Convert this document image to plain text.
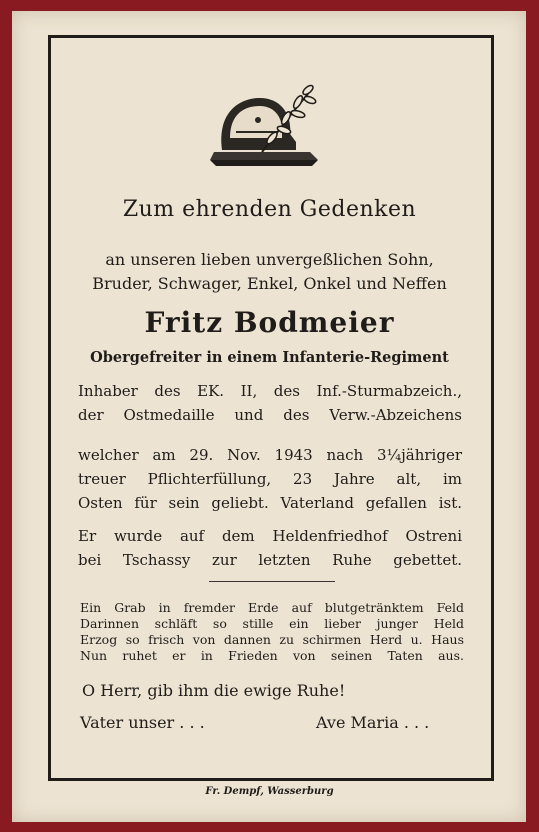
Zum ehrenden Gedenken
an unseren lieben unvergeßlichen Sohn,
Bruder, Schwager, Enkel, Onkel und Neffen
Fritz Bodmeier
Obergefreiter in einem Infanterie-Regiment
Inhaber des EK. II, des Inf.-Sturmabzeich.,
der Ostmedaille und des Verw.-Abzeichens
welcher am 29. Nov. 1943 nach 3¼jähriger
treuer Pflichterfüllung, 23 Jahre alt, im
Osten für sein geliebt. Vaterland gefallen ist.
Er wurde auf dem Heldenfriedhof Ostreni
bei Tschassy zur letzten Ruhe gebettet.
Ein Grab in fremder Erde auf blutgetränktem Feld
Darinnen schläft so stille ein lieber junger Held
Erzog so frisch von dannen zu schirmen Herd u. Haus
Nun ruhet er in Frieden von seinen Taten aus.
O Herr, gib ihm die ewige Ruhe!
Vater unser . . .	Ave Maria . . .
Fr. Dempf, Wasserburg
